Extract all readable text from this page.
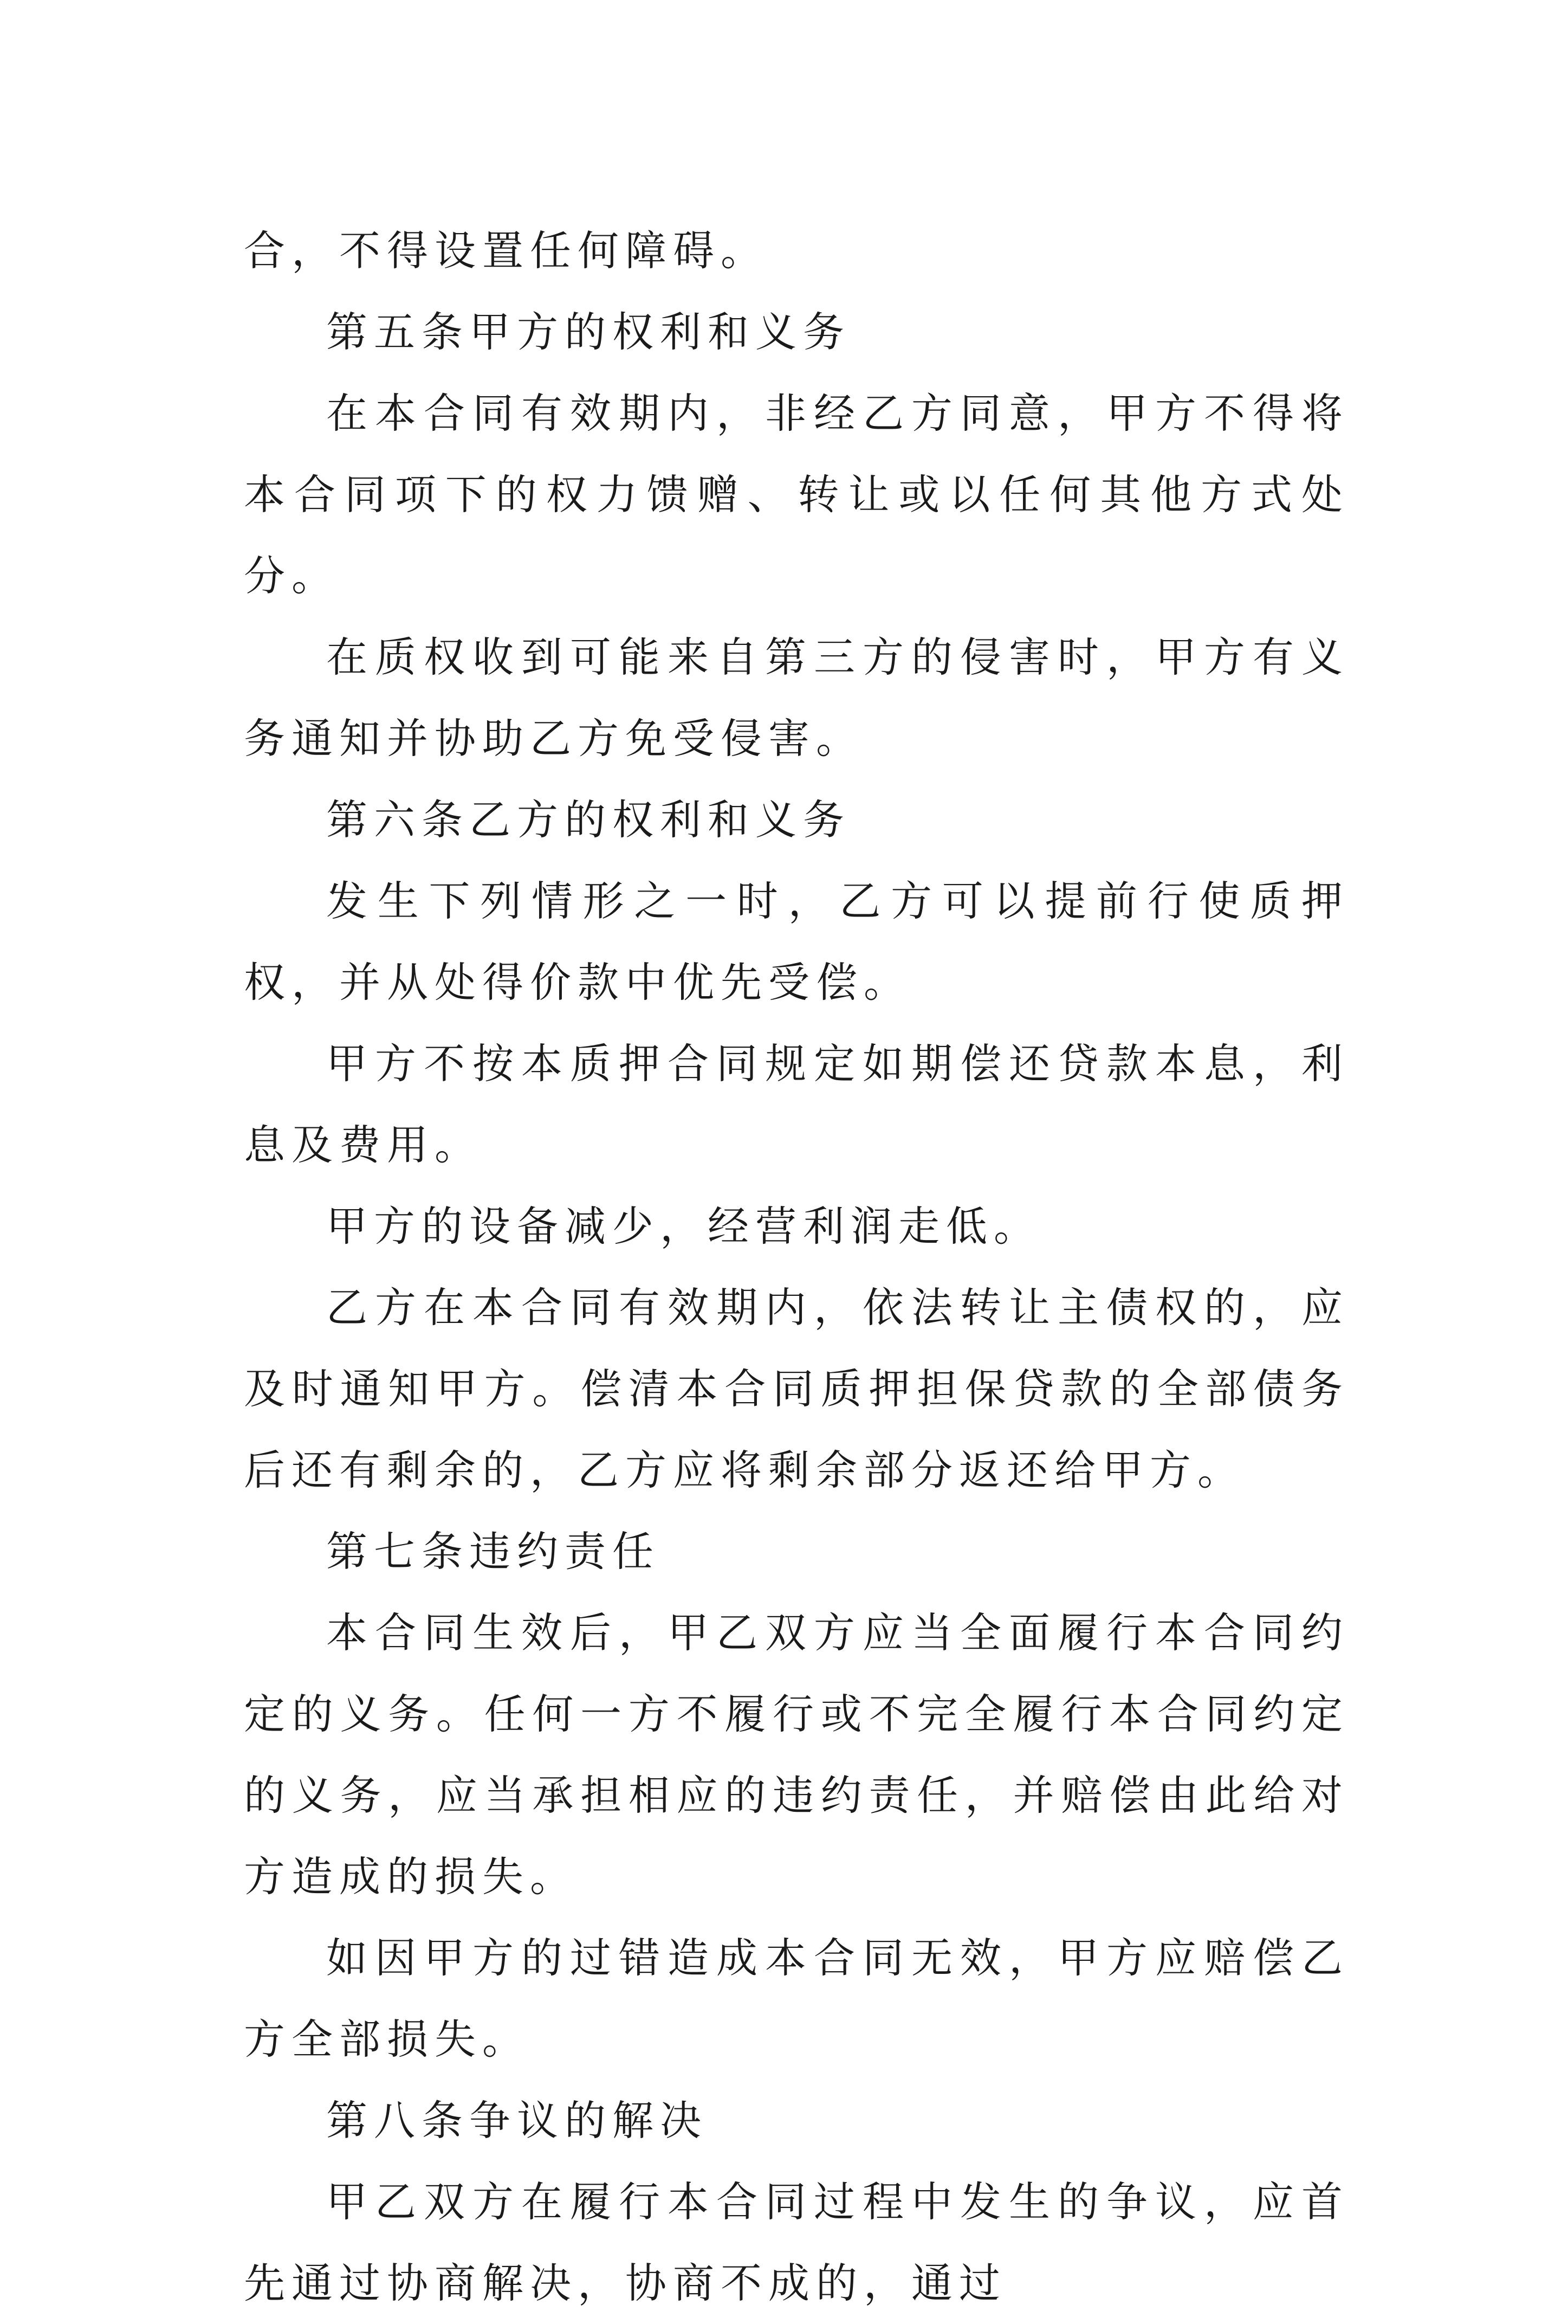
合，不得设置任何障碍。

第五条甲方的权利和义务

在本合同有效期内，非经乙方同意，甲方不得将本合同项下的权力馈赠、转让或以任何其他方式处分。

在质权收到可能来自第三方的侵害时，甲方有义务通知并协助乙方免受侵害。

第六条乙方的权利和义务

发生下列情形之一时，乙方可以提前行使质押权，并从处得价款中优先受偿。

甲方不按本质押合同规定如期偿还贷款本息，利息及费用。

甲方的设备减少，经营利润走低。

乙方在本合同有效期内，依法转让主债权的，应及时通知甲方。偿清本合同质押担保贷款的全部债务后还有剩余的，乙方应将剩余部分返还给甲方。

第七条违约责任

本合同生效后，甲乙双方应当全面履行本合同约定的义务。任何一方不履行或不完全履行本合同约定的义务，应当承担相应的违约责任，并赔偿由此给对方造成的损失。

如因甲方的过错造成本合同无效，甲方应赔偿乙方全部损失。

第八条争议的解决

甲乙双方在履行本合同过程中发生的争议，应首先通过协商解决，协商不成的，通过
